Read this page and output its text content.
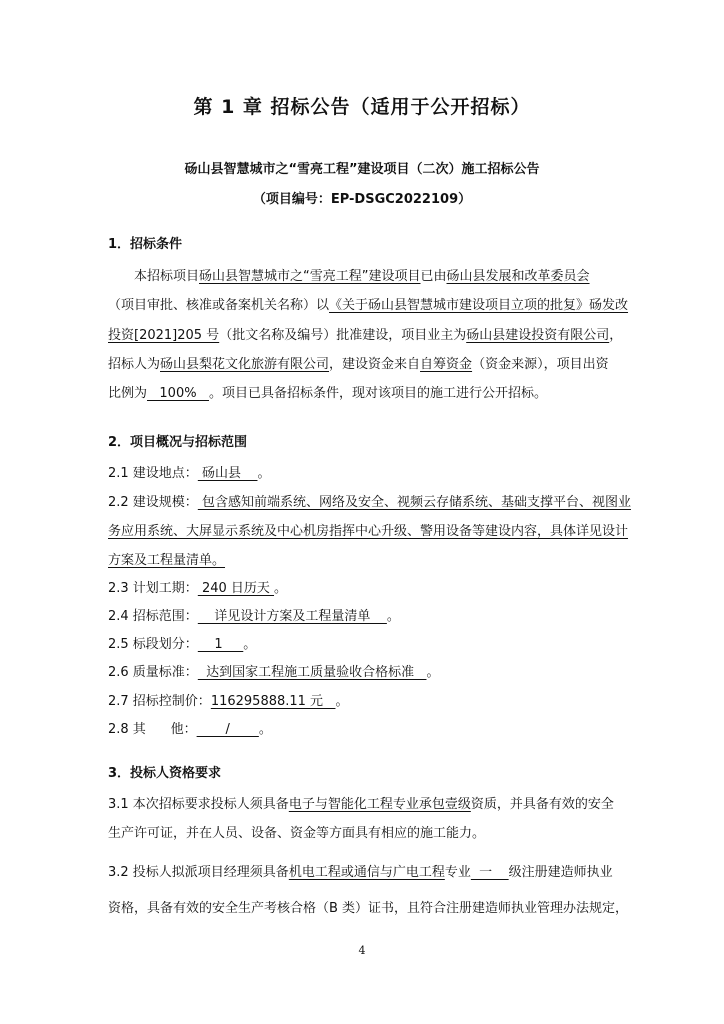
第 1 章 招标公告（适用于公开招标）
砀山县智慧城市之“雪亮工程”建设项目（二次）施工招标公告
（项目编号：EP-DSGC2022109）
1．招标条件
本招标项目砀山县智慧城市之“雪亮工程”建设项目已由砀山县发展和改革委员会
（项目审批、核准或备案机关名称）以《关于砀山县智慧城市建设项目立项的批复》砀发改
投资[2021]205 号（批文名称及编号）批准建设，项目业主为砀山县建设投资有限公司，
招标人为砀山县梨花文化旅游有限公司，建设资金来自自筹资金（资金来源），项目出资
比例为   100%   。项目已具备招标条件，现对该项目的施工进行公开招标。
2．项目概况与招标范围
2.1 建设地点： 砀山县    。
2.2 建设规模： 包含感知前端系统、网络及安全、视频云存储系统、基础支撑平台、视图业
务应用系统、大屏显示系统及中心机房指挥中心升级、警用设备等建设内容，具体详见设计
方案及工程量清单。
2.3 计划工期： 240 日历天 。
2.4 招标范围：    详见设计方案及工程量清单    。
2.5 标段划分：    1     。
2.6 质量标准：  达到国家工程施工质量验收合格标准   。
2.7 招标控制价：116295888.11 元   。
2.8 其      他：       /       。
3．投标人资格要求
3.1 本次招标要求投标人须具备电子与智能化工程专业承包壹级资质，并具备有效的安全
生产许可证，并在人员、设备、资金等方面具有相应的施工能力。
3.2 投标人拟派项目经理须具备机电工程或通信与广电工程专业  一    级注册建造师执业
资格，具备有效的安全生产考核合格（B 类）证书，且符合注册建造师执业管理办法规定，
4
